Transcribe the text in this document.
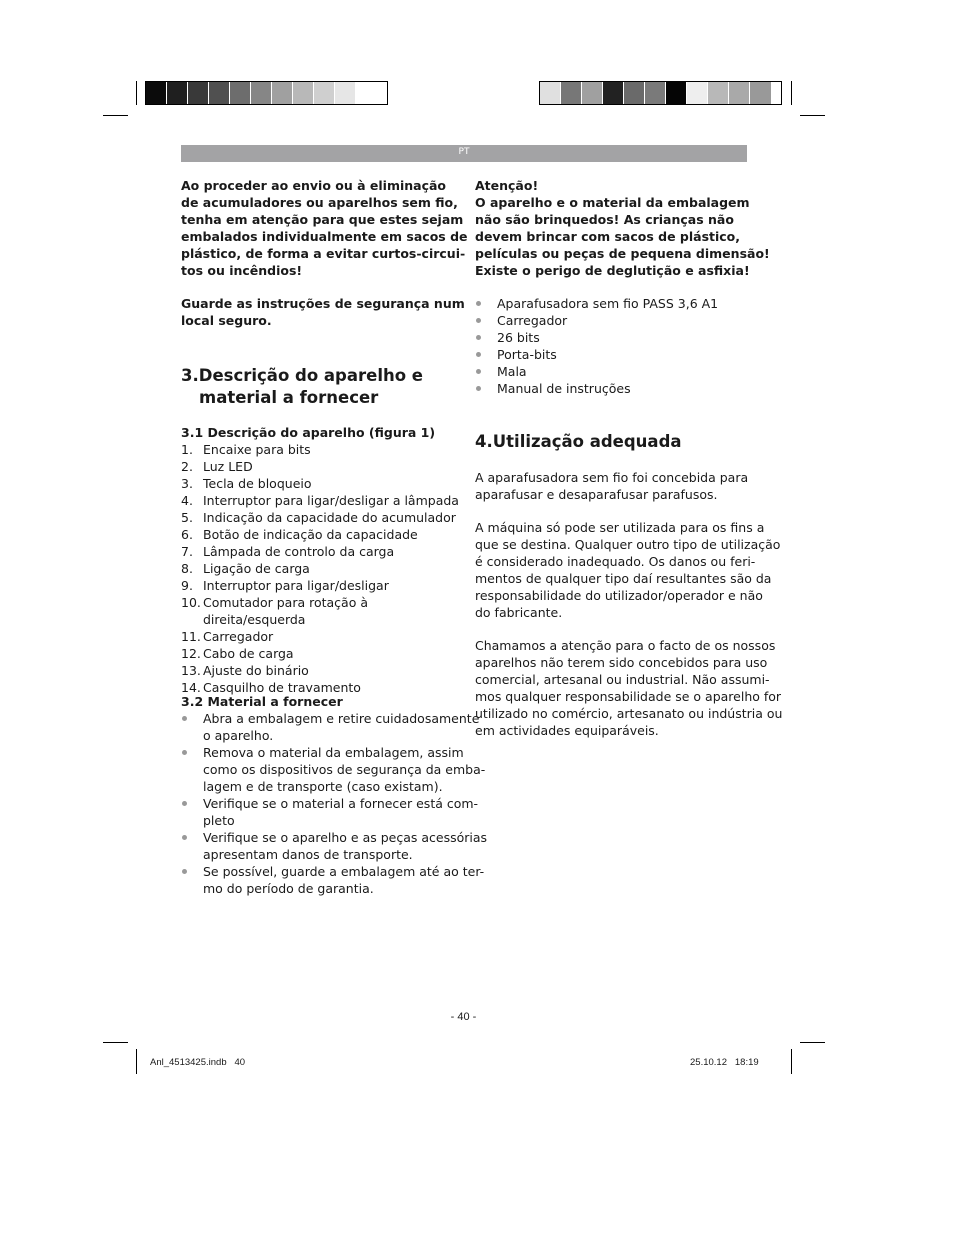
PT
Ao proceder ao envio ou à eliminação
de acumuladores ou aparelhos sem fio,
tenha em atenção para que estes sejam
embalados individualmente em sacos de
plástico, de forma a evitar curtos-circui-
tos ou incêndios!
Guarde as instruções de segurança num
local seguro.
3.Descrição do aparelho e
material a fornecer
3.1 Descrição do aparelho (figura 1)
1. Encaixe para bits
2. Luz LED
3. Tecla de bloqueio
4. Interruptor para ligar/desligar a lâmpada
5. Indicação da capacidade do acumulador
6. Botão de indicação da capacidade
7. Lâmpada de controlo da carga
8. Ligação de carga
9. Interruptor para ligar/desligar
10. Comutador para rotação à direita/esquerda
11. Carregador
12. Cabo de carga
13. Ajuste do binário
14. Casquilho de travamento
3.2 Material a fornecer
Abra a embalagem e retire cuidadosamente
o aparelho.
Remova o material da embalagem, assim
como os dispositivos de segurança da emba-
lagem e de transporte (caso existam).
Verifique se o material a fornecer está com-
pleto
Verifique se o aparelho e as peças acessórias
apresentam danos de transporte.
Se possível, guarde a embalagem até ao ter-
mo do período de garantia.
Atenção!
O aparelho e o material da embalagem
não são brinquedos! As crianças não
devem brincar com sacos de plástico,
películas ou peças de pequena dimensão!
Existe o perigo de deglutição e asfixia!
Aparafusadora sem fio PASS 3,6 A1
Carregador
26 bits
Porta-bits
Mala
Manual de instruções
4.Utilização adequada
A aparafusadora sem fio foi concebida para
aparafusar e desaparafusar parafusos.
A máquina só pode ser utilizada para os fins a
que se destina. Qualquer outro tipo de utilização
é considerado inadequado. Os danos ou feri-
mentos de qualquer tipo daí resultantes são da
responsabilidade do utilizador/operador e não
do fabricante.
Chamamos a atenção para o facto de os nossos
aparelhos não terem sido concebidos para uso
comercial, artesanal ou industrial. Não assumi-
mos qualquer responsabilidade se o aparelho for
utilizado no comércio, artesanato ou indústria ou
em actividades equiparáveis.
- 40 -
Anl_4513425.indb   40	25.10.12   18:19
